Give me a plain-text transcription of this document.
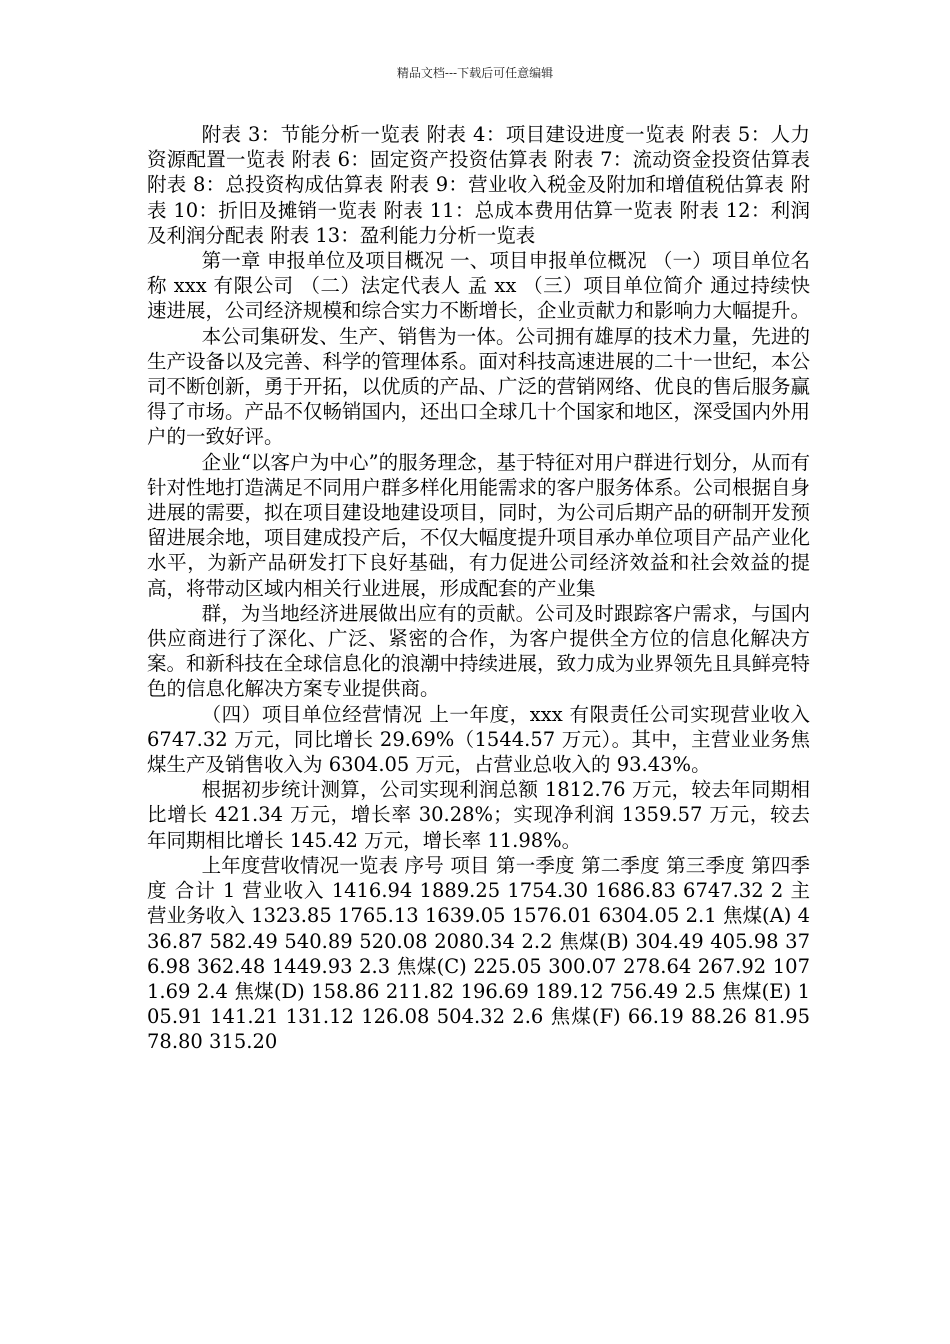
精品文档---下载后可任意编辑

附表 3：节能分析一览表 附表 4：项目建设进度一览表 附表 5：人力资源配置一览表 附表 6：固定资产投资估算表 附表 7：流动资金投资估算表 附表 8：总投资构成估算表 附表 9：营业收入税金及附加和增值税估算表 附表 10：折旧及摊销一览表 附表 11：总成本费用估算一览表 附表 12：利润及利润分配表 附表 13：盈利能力分析一览表

第一章 申报单位及项目概况 一、项目申报单位概况 （一）项目单位名称 xxx 有限公司 （二）法定代表人 孟 xx （三）项目单位简介 通过持续快速进展，公司经济规模和综合实力不断增长，企业贡献力和影响力大幅提升。

本公司集研发、生产、销售为一体。公司拥有雄厚的技术力量，先进的生产设备以及完善、科学的管理体系。面对科技高速进展的二十一世纪，本公司不断创新，勇于开拓，以优质的产品、广泛的营销网络、优良的售后服务赢得了市场。产品不仅畅销国内，还出口全球几十个国家和地区，深受国内外用户的一致好评。

企业“以客户为中心”的服务理念，基于特征对用户群进行划分，从而有针对性地打造满足不同用户群多样化用能需求的客户服务体系。公司根据自身进展的需要，拟在项目建设地建设项目，同时，为公司后期产品的研制开发预留进展余地，项目建成投产后，不仅大幅度提升项目承办单位项目产品产业化水平，为新产品研发打下良好基础，有力促进公司经济效益和社会效益的提高，将带动区域内相关行业进展，形成配套的产业集

群，为当地经济进展做出应有的贡献。公司及时跟踪客户需求，与国内供应商进行了深化、广泛、紧密的合作，为客户提供全方位的信息化解决方案。和新科技在全球信息化的浪潮中持续进展，致力成为业界领先且具鲜亮特色的信息化解决方案专业提供商。

（四）项目单位经营情况 上一年度，xxx 有限责任公司实现营业收入 6747.32 万元，同比增长 29.69%（1544.57 万元）。其中，主营业业务焦煤生产及销售收入为 6304.05 万元，占营业总收入的 93.43%。

根据初步统计测算，公司实现利润总额 1812.76 万元，较去年同期相比增长 421.34 万元，增长率 30.28%；实现净利润 1359.57 万元，较去年同期相比增长 145.42 万元，增长率 11.98%。

上年度营收情况一览表 序号 项目 第一季度 第二季度 第三季度 第四季度 合计 1 营业收入 1416.94 1889.25 1754.30 1686.83 6747.32 2 主营业务收入 1323.85 1765.13 1639.05 1576.01 6304.05 2.1 焦煤(A) 436.87 582.49 540.89 520.08 2080.34 2.2 焦煤(B) 304.49 405.98 376.98 362.48 1449.93 2.3 焦煤(C) 225.05 300.07 278.64 267.92 1071.69 2.4 焦煤(D) 158.86 211.82 196.69 189.12 756.49 2.5 焦煤(E) 105.91 141.21 131.12 126.08 504.32 2.6 焦煤(F) 66.19 88.26 81.95 78.80 315.20
